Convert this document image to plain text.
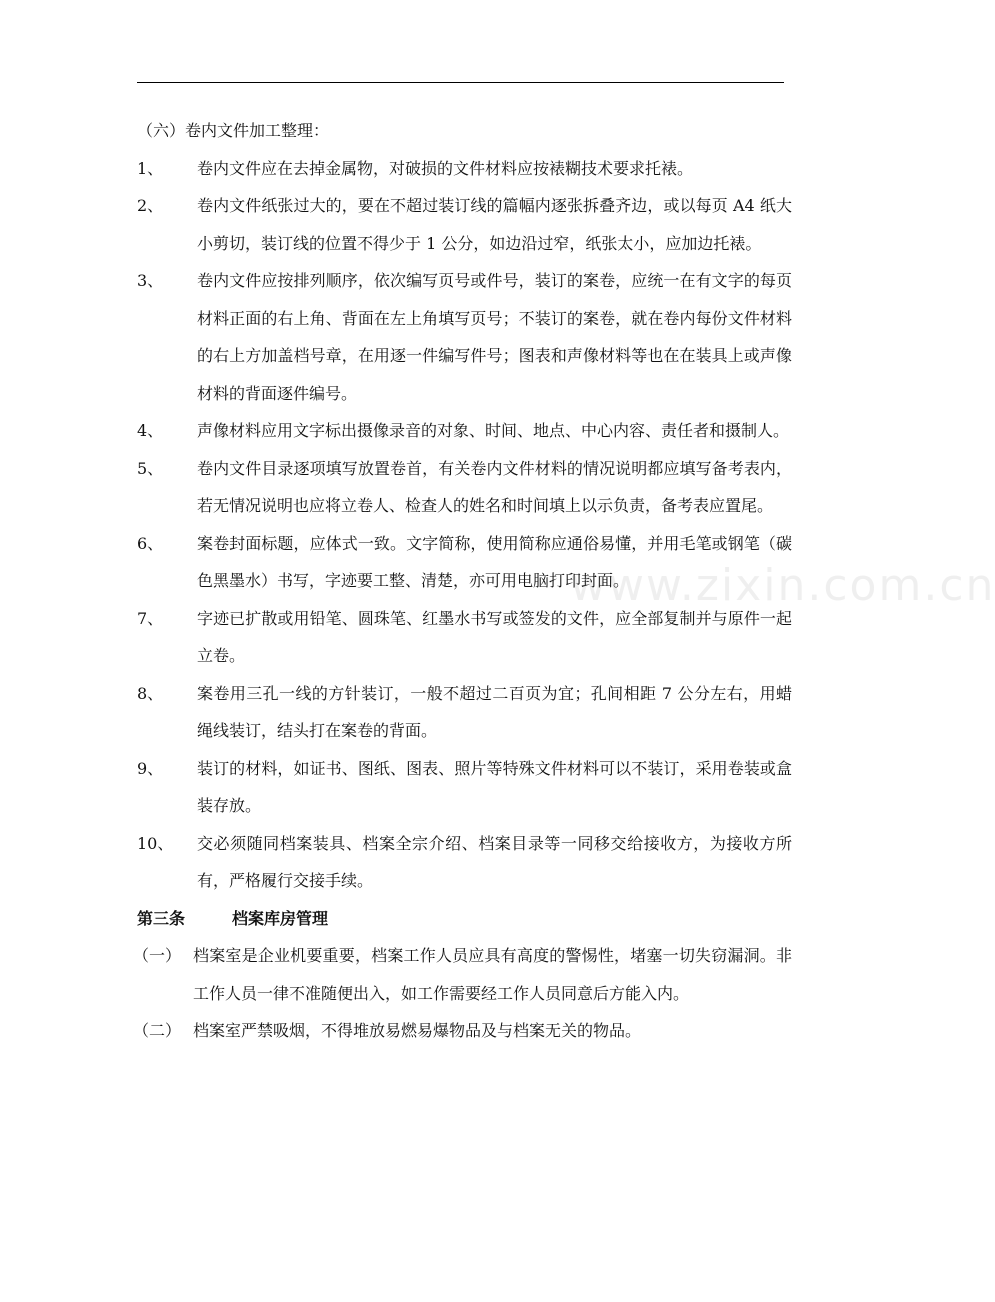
（六）卷内文件加工整理：
1、	卷内文件应在去掉金属物，对破损的文件材料应按裱糊技术要求托裱。
2、	卷内文件纸张过大的，要在不超过装订线的篇幅内逐张拆叠齐边，或以每页 A4 纸大小剪切，装订线的位置不得少于 1 公分，如边沿过窄，纸张太小，应加边托裱。
3、	卷内文件应按排列顺序，依次编写页号或件号，装订的案卷，应统一在有文字的每页材料正面的右上角、背面在左上角填写页号；不装订的案卷，就在卷内每份文件材料的右上方加盖档号章，在用逐一件编写件号；图表和声像材料等也在在装具上或声像材料的背面逐件编号。
4、	声像材料应用文字标出摄像录音的对象、时间、地点、中心内容、责任者和摄制人。
5、	卷内文件目录逐项填写放置卷首，有关卷内文件材料的情况说明都应填写备考表内，若无情况说明也应将立卷人、检查人的姓名和时间填上以示负责，备考表应置尾。
6、	案卷封面标题，应体式一致。文字简称，使用简称应通俗易懂，并用毛笔或钢笔（碳色黑墨水）书写，字迹要工整、清楚，亦可用电脑打印封面。
7、	字迹已扩散或用铅笔、圆珠笔、红墨水书写或签发的文件，应全部复制并与原件一起立卷。
8、	案卷用三孔一线的方针装订，一般不超过二百页为宜；孔间相距 7 公分左右，用蜡绳线装订，结头打在案卷的背面。
9、	装订的材料，如证书、图纸、图表、照片等特殊文件材料可以不装订，采用卷装或盒装存放。
10、	交必须随同档案装具、档案全宗介绍、档案目录等一同移交给接收方，为接收方所有，严格履行交接手续。
第三条	档案库房管理
（一） 档案室是企业机要重要，档案工作人员应具有高度的警惕性，堵塞一切失窃漏洞。非工作人员一律不准随便出入，如工作需要经工作人员同意后方能入内。
（二） 档案室严禁吸烟，不得堆放易燃易爆物品及与档案无关的物品。
www.zixin.com.cn
